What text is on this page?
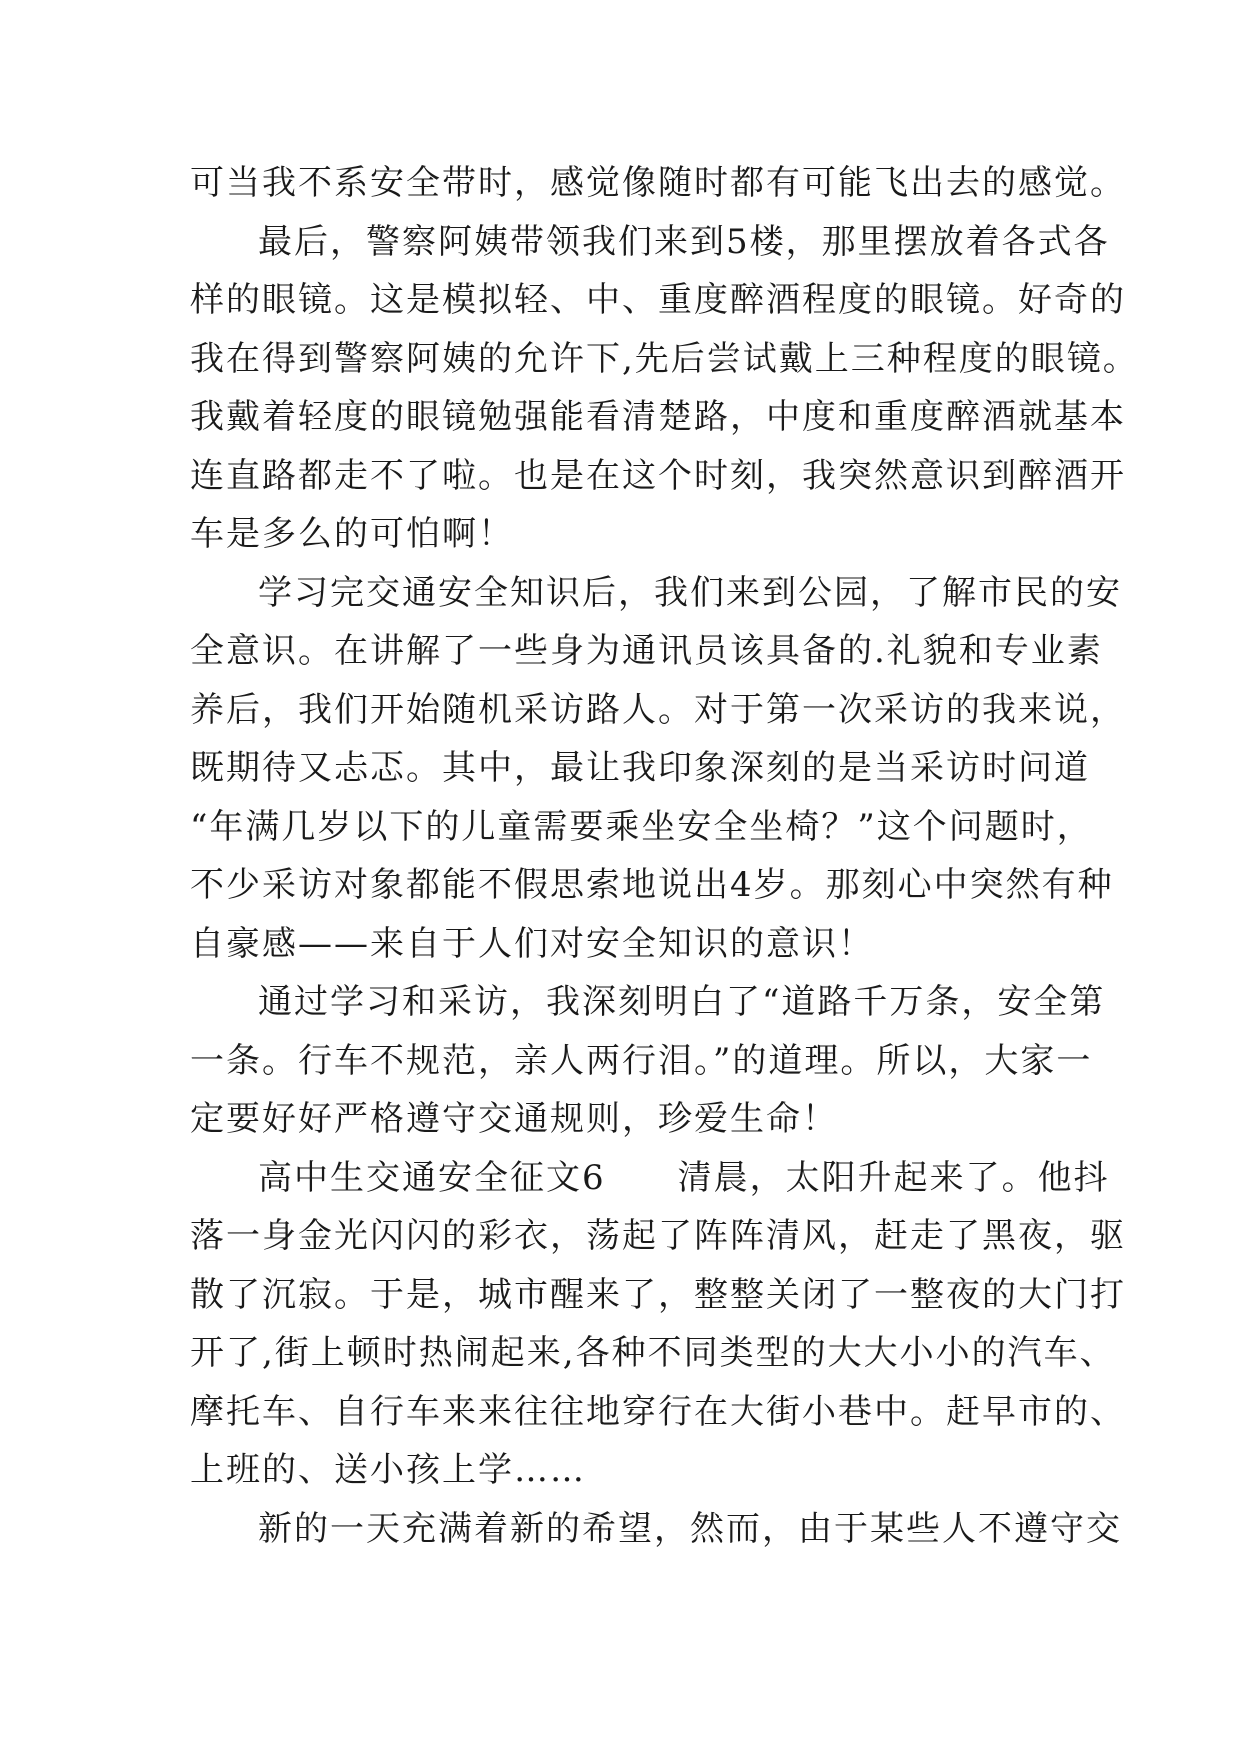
可当我不系安全带时，感觉像随时都有可能飞出去的感觉。
最后，警察阿姨带领我们来到5楼，那里摆放着各式各
样的眼镜。这是模拟轻、中、重度醉酒程度的眼镜。好奇的
我在得到警察阿姨的允许下,先后尝试戴上三种程度的眼镜。
我戴着轻度的眼镜勉强能看清楚路，中度和重度醉酒就基本
连直路都走不了啦。也是在这个时刻，我突然意识到醉酒开
车是多么的可怕啊！
学习完交通安全知识后，我们来到公园，了解市民的安
全意识。在讲解了一些身为通讯员该具备的.礼貌和专业素
养后，我们开始随机采访路人。对于第一次采访的我来说，
既期待又忐忑。其中，最让我印象深刻的是当采访时问道
“年满几岁以下的儿童需要乘坐安全坐椅？”这个问题时，
不少采访对象都能不假思索地说出4岁。那刻心中突然有种
自豪感——来自于人们对安全知识的意识！
通过学习和采访，我深刻明白了“道路千万条，安全第
一条。行车不规范，亲人两行泪。”的道理。所以，大家一
定要好好严格遵守交通规则，珍爱生命！
高中生交通安全征文6　　清晨，太阳升起来了。他抖
落一身金光闪闪的彩衣，荡起了阵阵清风，赶走了黑夜，驱
散了沉寂。于是，城市醒来了，整整关闭了一整夜的大门打
开了,街上顿时热闹起来,各种不同类型的大大小小的汽车、
摩托车、自行车来来往往地穿行在大街小巷中。赶早市的、
上班的、送小孩上学……
新的一天充满着新的希望，然而，由于某些人不遵守交
